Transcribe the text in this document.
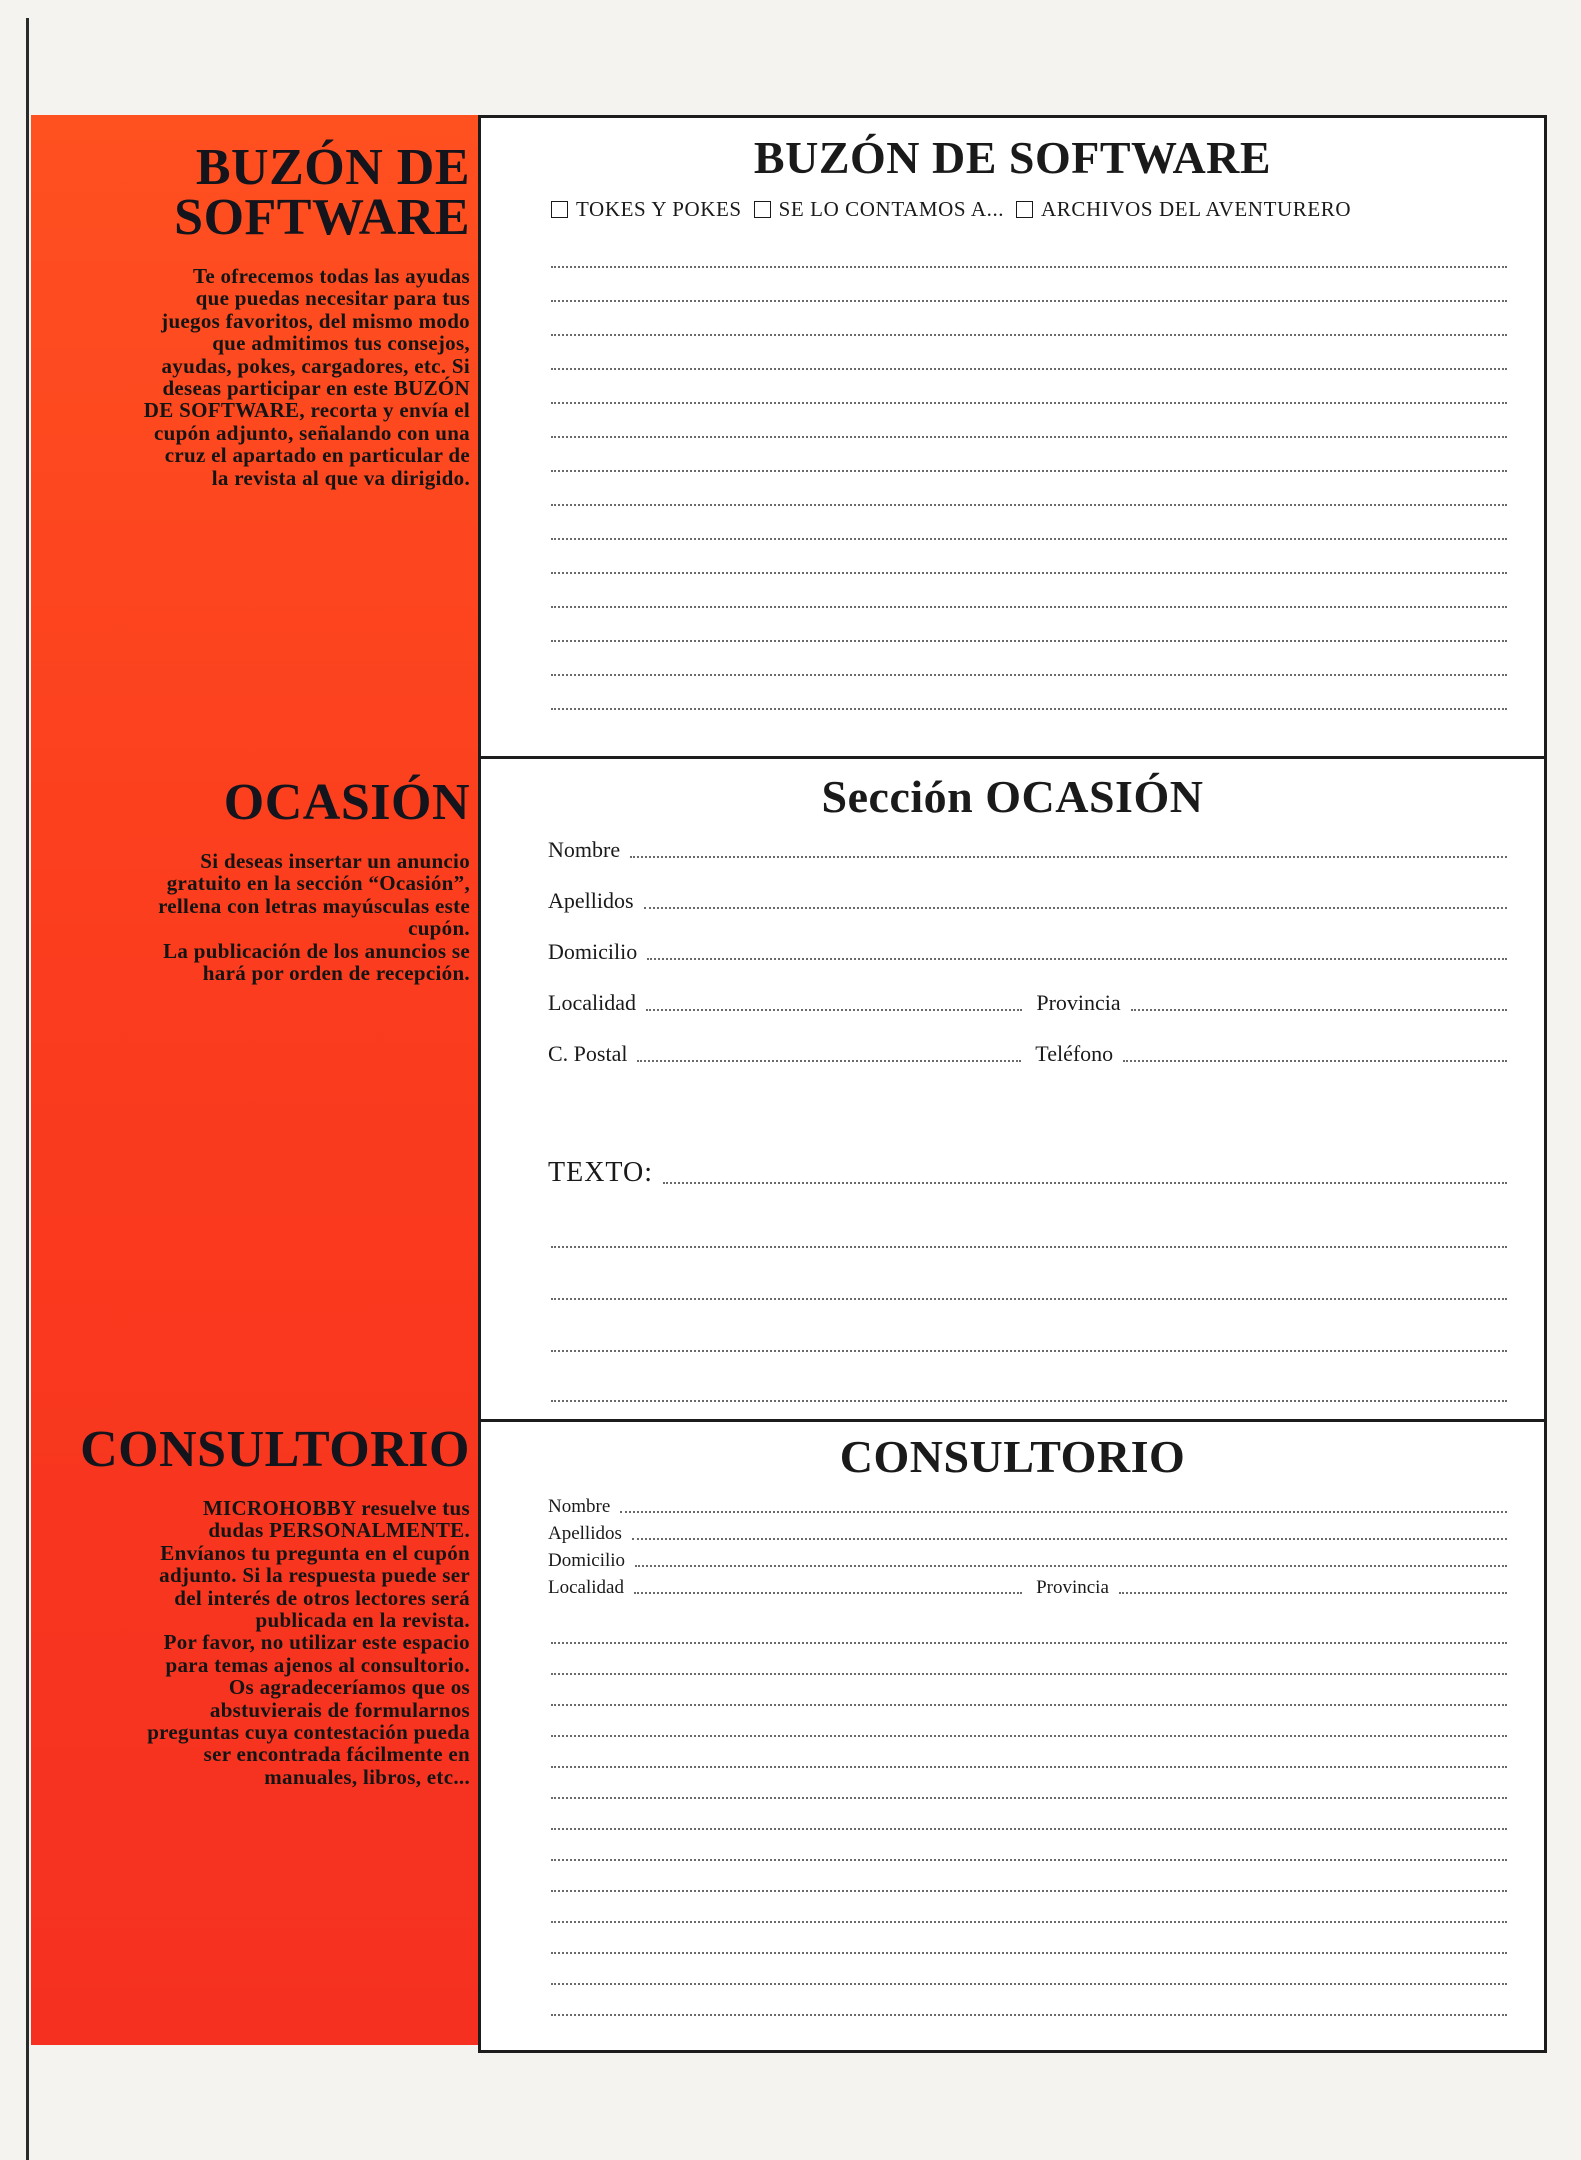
BUZÓN DE
SOFTWARE
Te ofrecemos todas las ayudas
que puedas necesitar para tus
juegos favoritos, del mismo modo
que admitimos tus consejos,
ayudas, pokes, cargadores, etc. Si
deseas participar en este BUZÓN
DE SOFTWARE, recorta y envía el
cupón adjunto, señalando con una
cruz el apartado en particular de
la revista al que va dirigido.
OCASIÓN
Si deseas insertar un anuncio
gratuito en la sección “Ocasión”,
rellena con letras mayúsculas este
cupón.
La publicación de los anuncios se
hará por orden de recepción.
CONSULTORIO
MICROHOBBY resuelve tus
dudas PERSONALMENTE.
Envíanos tu pregunta en el cupón
adjunto. Si la respuesta puede ser
del interés de otros lectores será
publicada en la revista.
Por favor, no utilizar este espacio
para temas ajenos al consultorio.
Os agradeceríamos que os
abstuvierais de formularnos
preguntas cuya contestación pueda
ser encontrada fácilmente en
manuales, libros, etc...
BUZÓN DE SOFTWARE
TOKES Y POKES
SE LO CONTAMOS A...
ARCHIVOS DEL AVENTURERO
Sección OCASIÓN
Nombre
Apellidos
Domicilio
Localidad	Provincia
C. Postal	Teléfono
TEXTO:
CONSULTORIO
Nombre
Apellidos
Domicilio
Localidad	Provincia
